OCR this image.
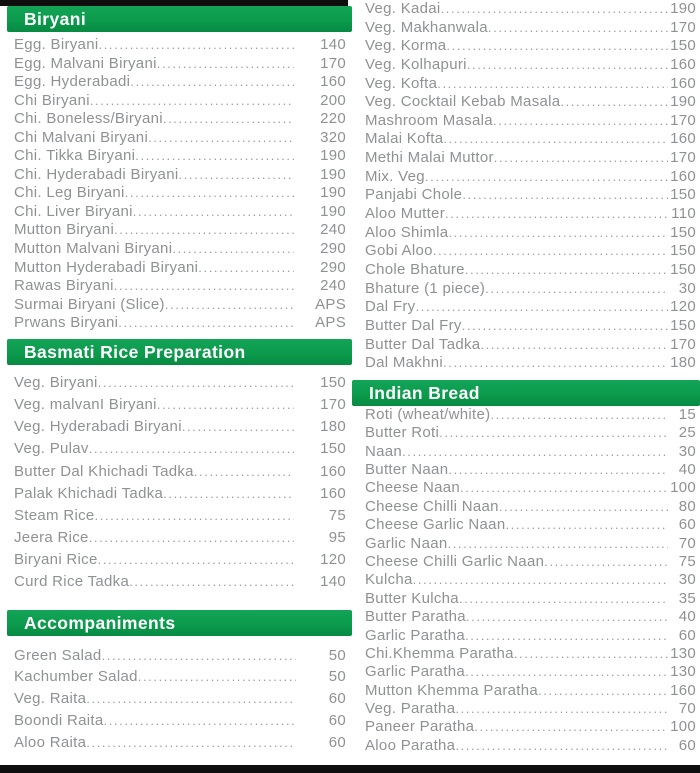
Biryani
Egg. Biryani .....	140
Egg. Malvani Biryani .....	170
Egg. Hyderabadi .....	160
Chi Biryani .....	200
Chi. Boneless/Biryani .....	220
Chi Malvani Biryani .....	320
Chi. Tikka Biryani .....	190
Chi. Hyderabadi Biryani .....	190
Chi. Leg Biryani .....	190
Chi. Liver Biryani .....	190
Mutton Biryani .....	240
Mutton Malvani Biryani .....	290
Mutton Hyderabadi Biryani .....	290
Rawas Biryani .....	240
Surmai Biryani (Slice) .....	APS
Prwans Biryani .....	APS
Basmati Rice Preparation
Veg. Biryani .....	150
Veg. malvanI Biryani .....	170
Veg. Hyderabadi Biryani .....	180
Veg. Pulav .....	150
Butter Dal Khichadi Tadka .....	160
Palak Khichadi Tadka .....	160
Steam Rice .....	75
Jeera Rice .....	95
Biryani Rice .....	120
Curd Rice Tadka .....	140
Accompaniments
Green Salad .....	50
Kachumber Salad .....	50
Veg. Raita .....	60
Boondi Raita .....	60
Aloo Raita .....	60
Veg. Kadai .....	190
Veg. Makhanwala .....	170
Veg. Korma .....	150
Veg. Kolhapuri .....	160
Veg. Kofta .....	160
Veg. Cocktail Kebab Masala .....	190
Mashroom Masala .....	170
Malai Kofta .....	160
Methi Malai Muttor .....	170
Mix. Veg .....	160
Panjabi Chole .....	150
Aloo Mutter .....	110
Aloo Shimla .....	150
Gobi Aloo .....	150
Chole Bhature .....	150
Bhature (1 piece) .....	30
Dal Fry .....	120
Butter Dal Fry .....	150
Butter Dal Tadka .....	170
Dal Makhni .....	180
Indian Bread
Roti (wheat/white) .....	15
Butter Roti .....	25
Naan .....	30
Butter Naan .....	40
Cheese Naan .....	100
Cheese Chilli Naan .....	80
Cheese Garlic Naan .....	60
Garlic Naan .....	70
Cheese Chilli Garlic Naan .....	75
Kulcha .....	30
Butter Kulcha .....	35
Butter Paratha .....	40
Garlic Paratha .....	60
Chi.Khemma Paratha .....	130
Garlic Paratha .....	130
Mutton Khemma Paratha .....	160
Veg. Paratha .....	70
Paneer Paratha .....	100
Aloo Paratha .....	60
